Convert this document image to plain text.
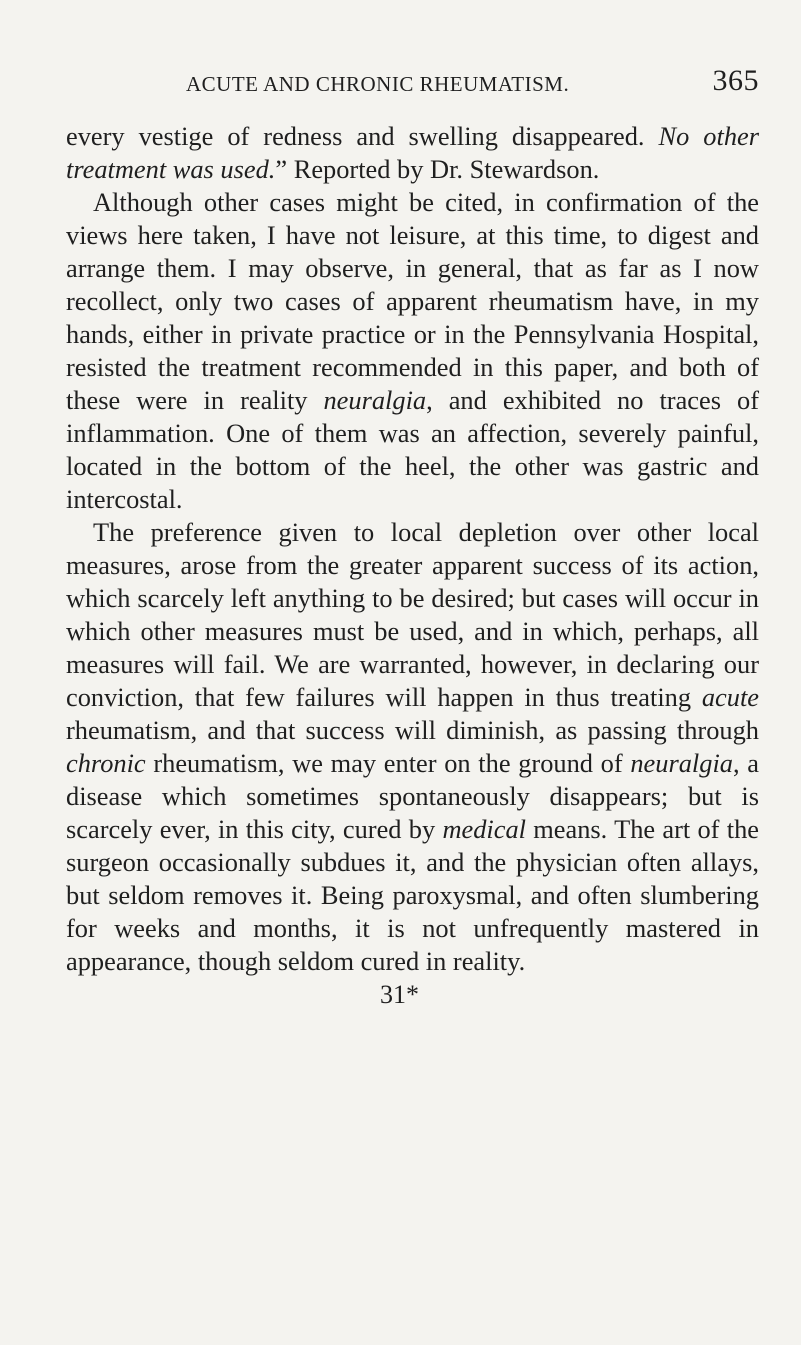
ACUTE AND CHRONIC RHEUMATISM.	365

every vestige of redness and swelling disappeared. No other treatment was used.” Reported by Dr. Stewardson.

Although other cases might be cited, in confirmation of the views here taken, I have not leisure, at this time, to digest and arrange them. I may observe, in general, that as far as I now recollect, only two cases of apparent rheumatism have, in my hands, either in private practice or in the Pennsylvania Hospital, resisted the treatment recommended in this paper, and both of these were in reality neuralgia, and exhibited no traces of inflammation. One of them was an affection, severely painful, located in the bottom of the heel, the other was gastric and intercostal.

The preference given to local depletion over other local measures, arose from the greater apparent success of its action, which scarcely left anything to be desired; but cases will occur in which other measures must be used, and in which, perhaps, all measures will fail. We are warranted, however, in declaring our conviction, that few failures will happen in thus treating acute rheumatism, and that success will diminish, as passing through chronic rheumatism, we may enter on the ground of neuralgia, a disease which sometimes spontaneously disappears; but is scarcely ever, in this city, cured by medical means. The art of the surgeon occasionally subdues it, and the physician often allays, but seldom removes it. Being paroxysmal, and often slumbering for weeks and months, it is not unfrequently mastered in appearance, though seldom cured in reality.

31*
